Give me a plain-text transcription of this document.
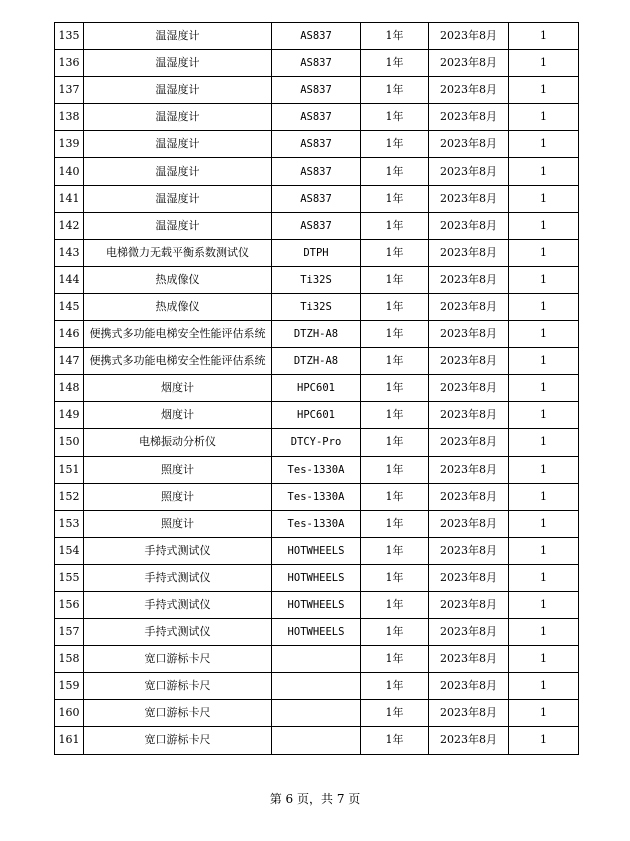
135	温湿度计	AS837	1年	2023年8月	1
136	温湿度计	AS837	1年	2023年8月	1
137	温湿度计	AS837	1年	2023年8月	1
138	温湿度计	AS837	1年	2023年8月	1
139	温湿度计	AS837	1年	2023年8月	1
140	温湿度计	AS837	1年	2023年8月	1
141	温湿度计	AS837	1年	2023年8月	1
142	温湿度计	AS837	1年	2023年8月	1
143	电梯微力无载平衡系数测试仪	DTPH	1年	2023年8月	1
144	热成像仪	Ti32S	1年	2023年8月	1
145	热成像仪	Ti32S	1年	2023年8月	1
146	便携式多功能电梯安全性能评估系统	DTZH-A8	1年	2023年8月	1
147	便携式多功能电梯安全性能评估系统	DTZH-A8	1年	2023年8月	1
148	烟度计	HPC601	1年	2023年8月	1
149	烟度计	HPC601	1年	2023年8月	1
150	电梯振动分析仪	DTCY-Pro	1年	2023年8月	1
151	照度计	Tes-1330A	1年	2023年8月	1
152	照度计	Tes-1330A	1年	2023年8月	1
153	照度计	Tes-1330A	1年	2023年8月	1
154	手持式测试仪	HOTWHEELS	1年	2023年8月	1
155	手持式测试仪	HOTWHEELS	1年	2023年8月	1
156	手持式测试仪	HOTWHEELS	1年	2023年8月	1
157	手持式测试仪	HOTWHEELS	1年	2023年8月	1
158	宽口游标卡尺		1年	2023年8月	1
159	宽口游标卡尺		1年	2023年8月	1
160	宽口游标卡尺		1年	2023年8月	1
161	宽口游标卡尺		1年	2023年8月	1
第 6 页，共 7 页
